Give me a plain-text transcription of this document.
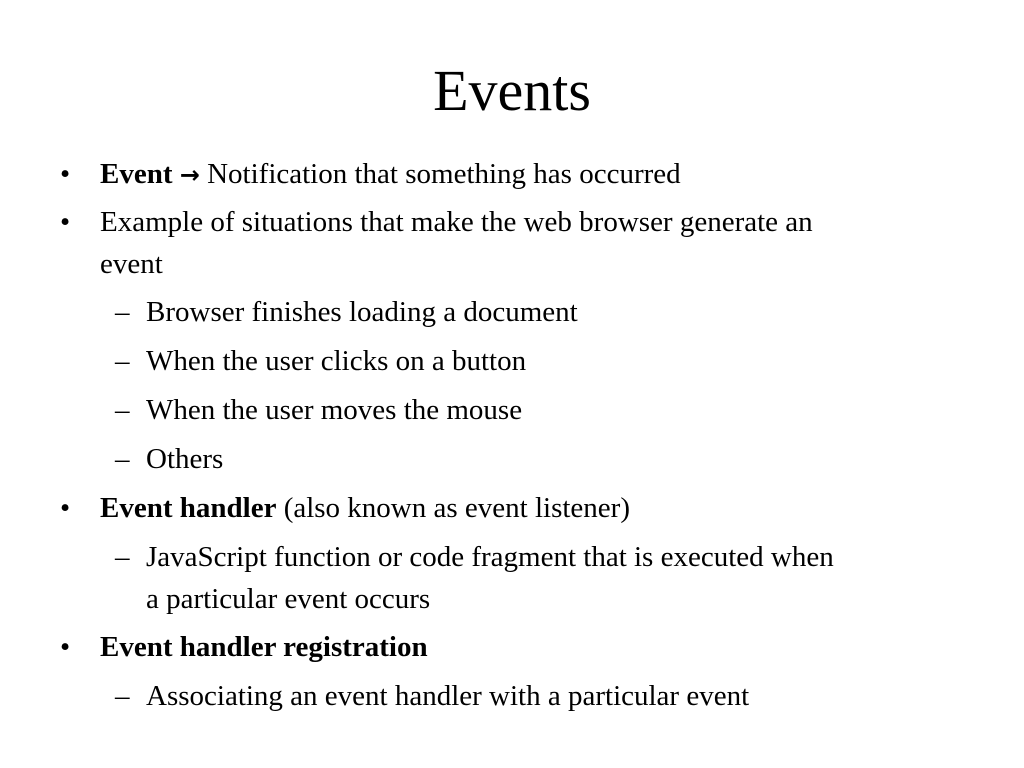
Events
• Event → Notification that something has occurred
• Example of situations that make the web browser generate an
event
– Browser finishes loading a document
– When the user clicks on a button
– When the user moves the mouse
– Others
• Event handler (also known as event listener)
– JavaScript function or code fragment that is executed when
a particular event occurs
• Event handler registration
– Associating an event handler with a particular event
